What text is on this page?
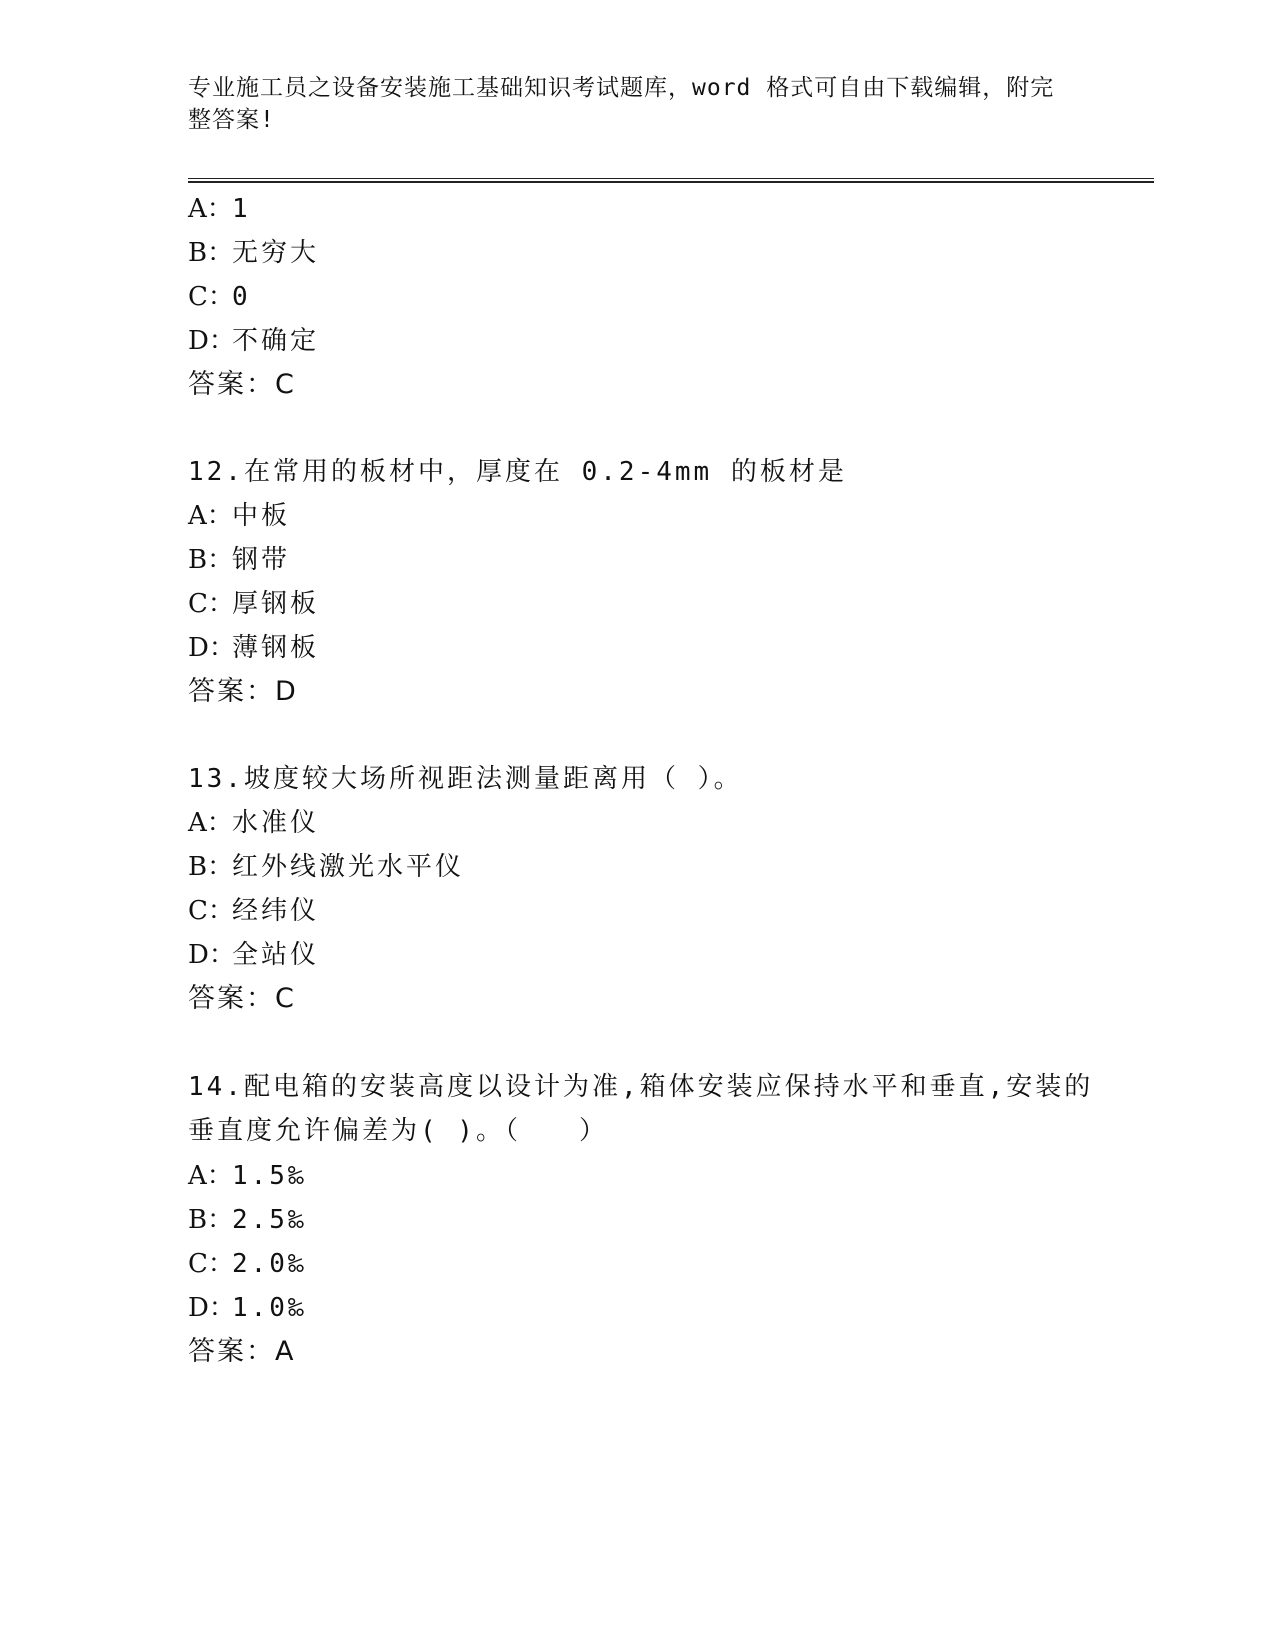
专业施工员之设备安装施工基础知识考试题库，word 格式可自由下载编辑，附完
整答案!
A：1
B：无穷大
C：0
D：不确定
答案：C
12.在常用的板材中，厚度在 0.2-4mm 的板材是
A：中板
B：钢带
C：厚钢板
D：薄钢板
答案：D
13.坡度较大场所视距法测量距离用（ ）。
A：水准仪
B：红外线激光水平仪
C：经纬仪
D：全站仪
答案：C
14.配电箱的安装高度以设计为准,箱体安装应保持水平和垂直,安装的
垂直度允许偏差为( )。（　　）
A：1.5‰
B：2.5‰
C：2.0‰
D：1.0‰
答案：A
